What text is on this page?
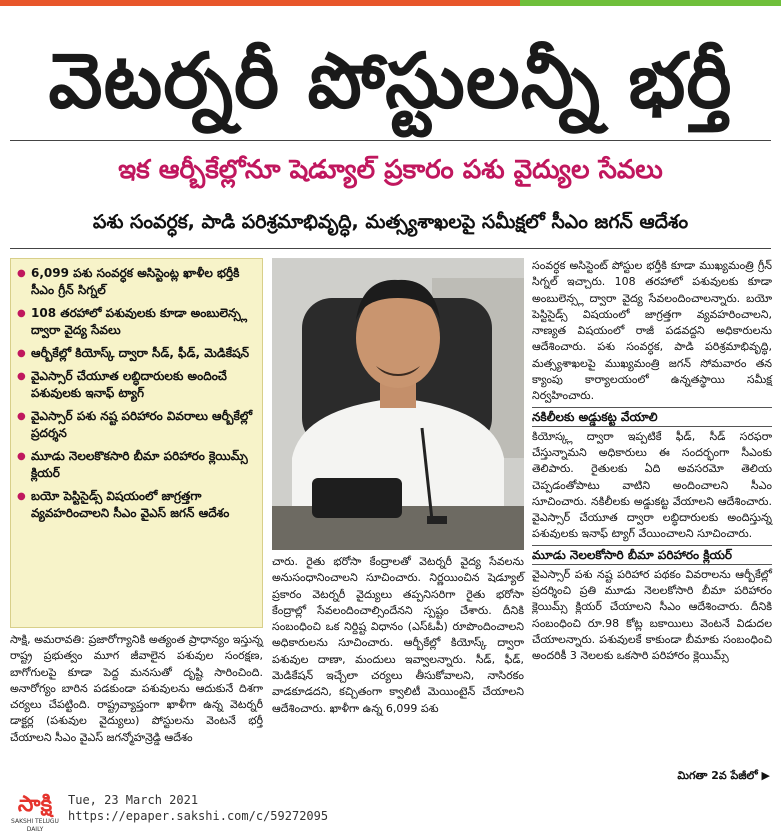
వెటర్నరీ పోస్టులన్నీ భర్తీ
ఇక ఆర్బీకేల్లోనూ షెడ్యూల్ ప్రకారం పశు వైద్యుల సేవలు
పశు సంవర్ధక, పాడి పరిశ్రమాభివృద్ధి, మత్స్యశాఖలపై సమీక్షలో సీఎం జగన్ ఆదేశం
● 6,099 పశు సంవర్ధక అసిస్టెంట్ల ఖాళీల భర్తీకి సీఎం గ్రీన్ సిగ్నల్
● 108 తరహాలో పశువులకు కూడా అంబులెన్స్ల ద్వారా వైద్య సేవలు
● ఆర్బీకేల్లో కియోస్క్ ద్వారా సీడ్, ఫీడ్, మెడికేషన్
● వైఎస్సార్ చేయూత లబ్ధిదారులకు అందించే పశువులకు ఇనాఫ్ ట్యాగ్
● వైఎస్సార్ పశు నష్ట పరిహారం వివరాలు ఆర్బీకేల్లో ప్రదర్శన
● మూడు నెలలకొకసారి బీమా పరిహారం క్లెయిమ్స్ క్లియర్
● బయో పెస్టిసైడ్స్ విషయంలో జాగ్రత్తగా వ్యవహరించాలని సీఎం వైఎస్ జగన్ ఆదేశం

సాక్షి, అమరావతి: ప్రజారోగ్యానికి అత్యంత ప్రాధాన్యం ఇస్తున్న రాష్ట్ర ప్రభుత్వం మూగ జీవాలైన పశువుల సంరక్షణ, బాగోగులపై కూడా పెద్ద మనసుతో దృష్టి సారించింది. అనారోగ్యం బారిన పడకుండా పశువులను ఆదుకునే దిశగా చర్యలు చేపట్టింది. రాష్ట్రవ్యాప్తంగా ఖాళీగా ఉన్న వెటర్నరీ డాక్టర్ల (పశువుల వైద్యులు) పోస్టులను వెంటనే భర్తీ చేయాలని సీఎం వైఎస్ జగన్మోహన్రెడ్డి ఆదేశం

చారు. రైతు భరోసా కేంద్రాలతో వెటర్నరీ వైద్య సేవలను అనుసంధానించాలని సూచించారు. నిర్ణయించిన షెడ్యూల్ ప్రకారం వెటర్నరీ వైద్యులు తప్పనిసరిగా రైతు భరోసా కేంద్రాల్లో సేవలందించాల్సిందేనని స్పష్టం చేశారు. దీనికి సంబంధించి ఒక నిర్దిష్ట విధానం (ఎస్ఓపీ) రూపొందించాలని అధికారులను సూచించారు. ఆర్బీకేల్లో కియోస్క్ ద్వారా పశువుల దాణా, మందులు ఇవ్వాలన్నారు. సీడ్, ఫీడ్, మెడికేషన్ ఇచ్చేలా చర్యలు తీసుకోవాలని, నాసిరకం వాడకూడదని, కచ్చితంగా క్వాలిటీ మెయింటైన్ చేయాలని ఆదేశించారు. ఖాళీగా ఉన్న 6,099 పశు

సంవర్ధక అసిస్టెంట్ పోస్టుల భర్తీకి కూడా ముఖ్యమంత్రి గ్రీన్ సిగ్నల్ ఇచ్చారు. 108 తరహాలో పశువులకు కూడా అంబులెన్స్ల ద్వారా వైద్య సేవలందించాలన్నారు. బయో పెస్టిసైడ్స్ విషయంలో జాగ్రత్తగా వ్యవహరించాలని, నాణ్యత విషయంలో రాజీ పడవద్దని అధికారులను ఆదేశించారు. పశు సంవర్ధక, పాడి పరిశ్రమాభివృద్ధి, మత్స్యశాఖలపై ముఖ్యమంత్రి జగన్ సోమవారం తన క్యాంపు కార్యాలయంలో ఉన్నతస్థాయి సమీక్ష నిర్వహించారు.

నకిలీలకు అడ్డుకట్ట వేయాలి

కియోస్క్ల ద్వారా ఇప్పటికే ఫీడ్, సీడ్ సరఫరా చేస్తున్నామని అధికారులు ఈ సందర్భంగా సీఎంకు తెలిపారు. రైతులకు ఏది అవసరమో తెలియ చెప్పడంతోపాటు వాటిని అందించాలని సీఎం సూచించారు. నకిలీలకు అడ్డుకట్ట వేయాలని ఆదేశించారు. వైఎస్సార్ చేయూత ద్వారా లబ్ధిదారులకు అందిస్తున్న పశువులకు ఇనాఫ్ ట్యాగ్ వేయించాలని సూచించారు.

మూడు నెలలకోసారి బీమా పరిహారం క్లియర్

వైఎస్సార్ పశు నష్ట పరిహార పథకం వివరాలను ఆర్బీకేల్లో ప్రదర్శించి ప్రతి మూడు నెలలకోసారి బీమా పరిహారం క్లెయిమ్స్ క్లియర్ చేయాలని సీఎం ఆదేశించారు. దీనికి సంబంధించి రూ.98 కోట్ల బకాయిలు వెంటనే విడుదల చేయాలన్నారు. పశువులకే కాకుండా బీమాకు సంబంధించి అందరికీ 3 నెలలకు ఒకసారి పరిహారం క్లెయిమ్స్

మిగతా 2వ పేజీలో ▶
సాక్షి
SAKSHI TELUGU DAILY
Tue, 23 March 2021
https://epaper.sakshi.com/c/59272095
